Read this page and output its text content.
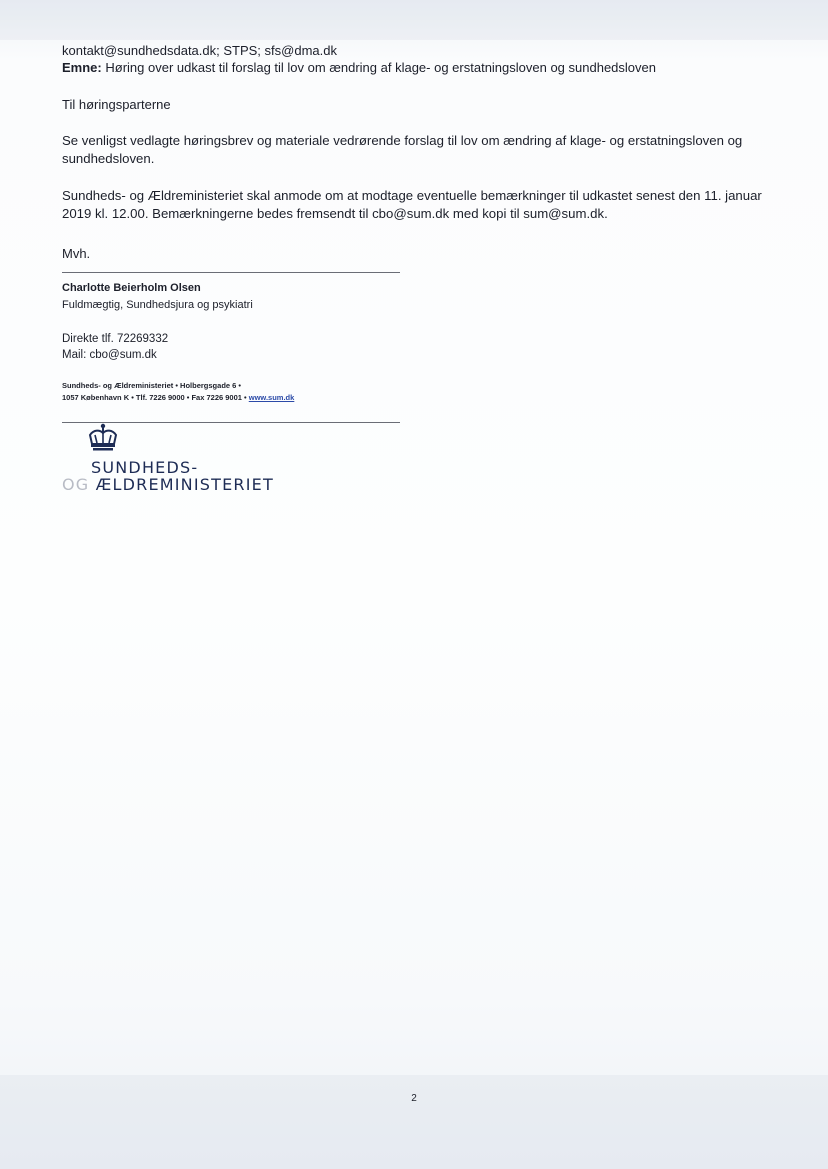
kontakt@sundhedsdata.dk; STPS; sfs@dma.dk
Emne: Høring over udkast til forslag til lov om ændring af klage- og erstatningsloven og sundhedsloven
Til høringsparterne
Se venligst vedlagte høringsbrev og materiale vedrørende forslag til lov om ændring af klage- og erstatningsloven og sundhedsloven.
Sundheds- og Ældreministeriet skal anmode om at modtage eventuelle bemærkninger til udkastet senest den 11. januar 2019 kl. 12.00. Bemærkningerne bedes fremsendt til cbo@sum.dk med kopi til sum@sum.dk.
Mvh.
Charlotte Beierholm Olsen
Fuldmægtig, Sundhedsjura og psykiatri
Direkte tlf. 72269332
Mail: cbo@sum.dk
Sundheds- og Ældreministeriet • Holbergsgade 6 •
1057 København K • Tlf. 7226 9000 • Fax 7226 9001 • www.sum.dk
SUNDHEDS-
OG ÆLDREMINISTERIET
2
